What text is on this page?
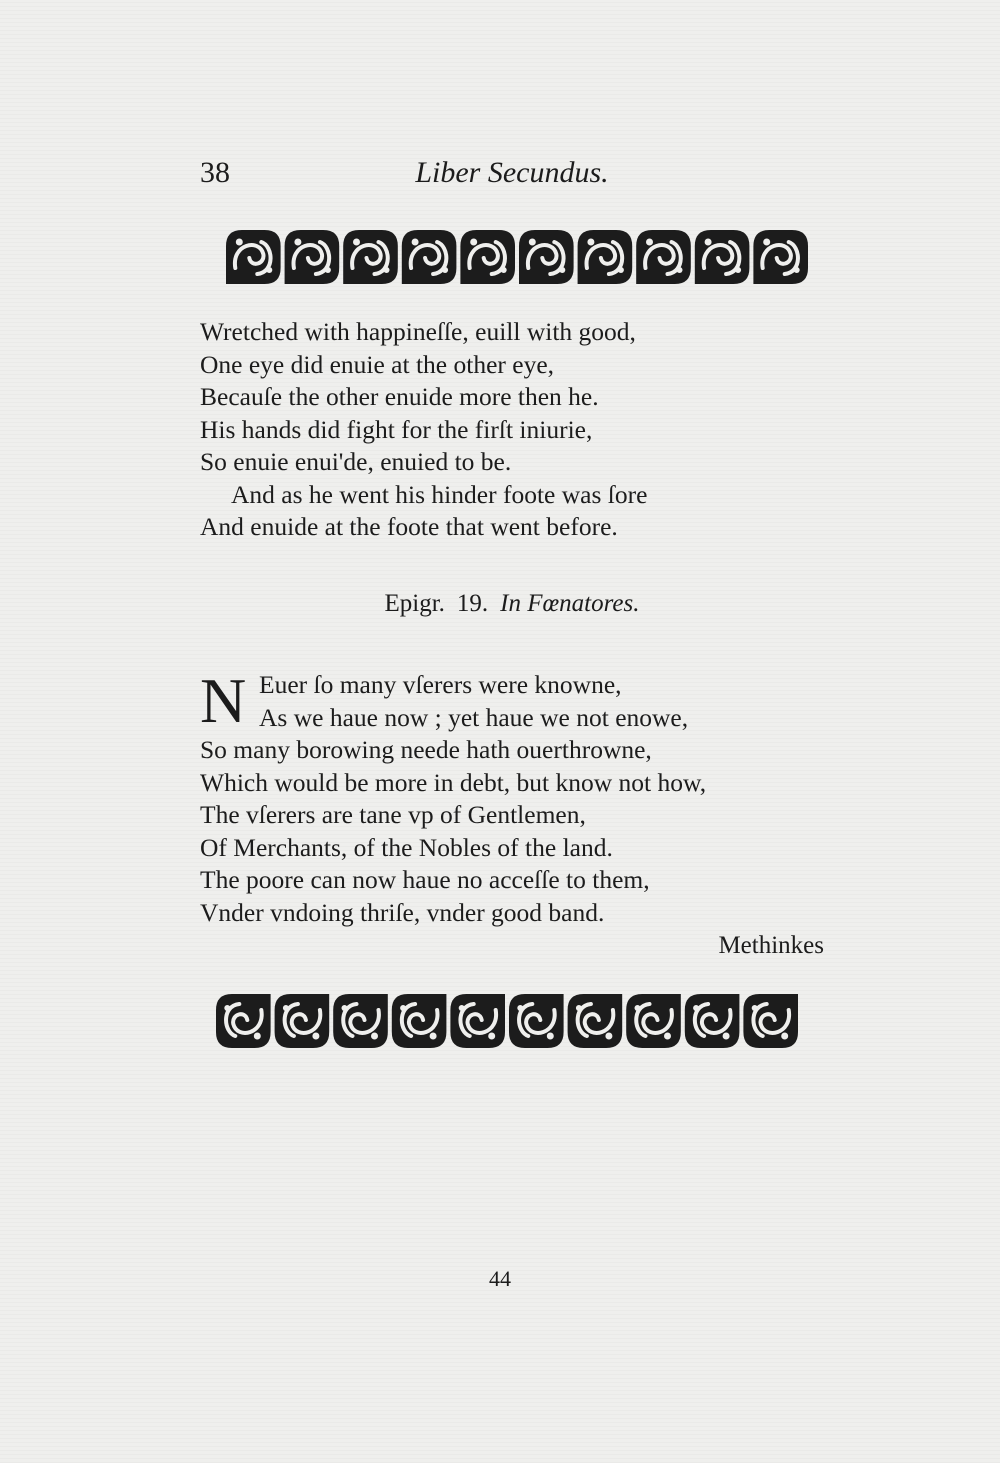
38	Liber Secundus.
Wretched with happineſſe, euill with good,
One eye did enuie at the other eye,
Becauſe the other enuide more then he.
His hands did fight for the firſt iniurie,
So enuie enui'de, enuied to be.
And as he went his hinder foote was ſore
And enuide at the foote that went before.
Epigr. 19. In Fœnatores.
N Euer ſo many vſerers were knowne,
As we haue now ; yet haue we not enowe,
So many borowing neede hath ouerthrowne,
Which would be more in debt, but know not how,
The vſerers are tane vp of Gentlemen,
Of Merchants, of the Nobles of the land.
The poore can now haue no acceſſe to them,
Vnder vndoing thriſe, vnder good band.
Methinkes
44
